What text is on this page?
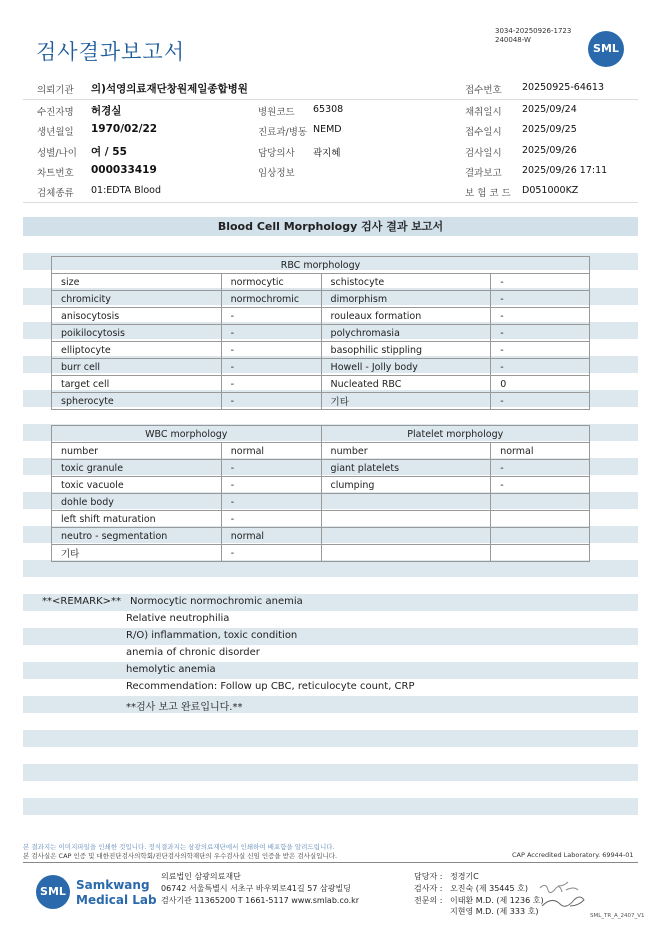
검사결과보고서
3034-20250926-1723
240048-W
SML
의뢰기관 의)석영의료재단창원제일종합병원	접수번호 20250925-64613
수진자명 허경실	병원코드 65308	채취일시 2025/09/24
생년월일 1970/02/22	진료과/병동 NEMD	접수일시 2025/09/25
성별/나이 여 / 55	담당의사 곽지혜	검사일시 2025/09/26
차트번호 000033419	임상정보	결과보고 2025/09/26 17:11
검체종류 01:EDTA Blood	보 험 코 드 D051000KZ
Blood Cell Morphology 검사 결과 보고서
RBC morphology			
size	normocytic	schistocyte	-
chromicity	normochromic	dimorphism	-
anisocytosis	-	rouleaux formation	-
poikilocytosis	-	polychromasia	-
elliptocyte	-	basophilic stippling	-
burr cell	-	Howell - Jolly body	-
target cell	-	Nucleated RBC	0
spherocyte	-	기타	-
WBC morphology		Platelet morphology	
number	normal	number	normal
toxic granule	-	giant platelets	-
toxic vacuole	-	clumping	-
dohle body	-		
left shift maturation	-		
neutro - segmentation	normal		
기타	-		
**<REMARK>** Normocytic normochromic anemia
Relative neutrophilia
R/O) inflammation, toxic condition
anemia of chronic disorder
hemolytic anemia
Recommendation: Follow up CBC, reticulocyte count, CRP
**검사 보고 완료입니다.**
본 결과지는 이미지파일을 인쇄한 것입니다. 정식결과지는 삼광의료재단에서 인쇄하여 배포함을 알려드립니다.
본 검사실은 CAP 인증 및 대한진단검사의학회/진단검사의학재단의 우수검사실 신임 인증을 받은 검사실입니다.	CAP Accredited Laboratory. 69944-01
SML Samkwang
Medical Lab
의료법인 삼광의료재단
06742 서울특별시 서초구 바우뫼로41길 57 삼광빌딩
검사기관 11365200 T 1661-5117 www.smlab.co.kr
담당자 : 정경기C
검사자 : 오진숙 (제 35445 호)
전문의 : 이태환 M.D. (제 1236 호)
지현영 M.D. (제 333 호)	SML_TR_A_2407_V1
